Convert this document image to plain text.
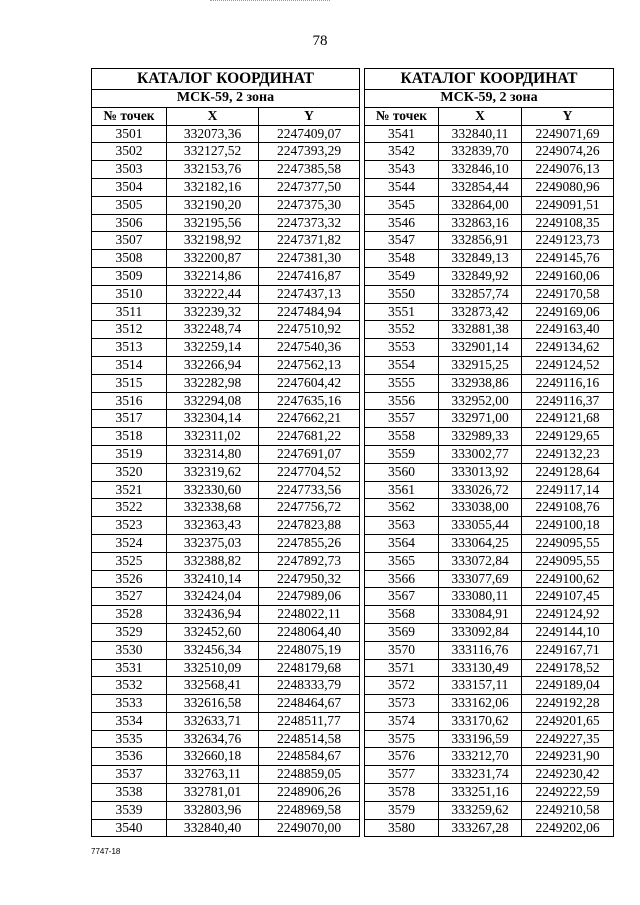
78
КАТАЛОГ КООРДИНАТ		
МСК-59, 2 зона		
№ точек	X	Y
3501	332073,36	2247409,07
3502	332127,52	2247393,29
3503	332153,76	2247385,58
3504	332182,16	2247377,50
3505	332190,20	2247375,30
3506	332195,56	2247373,32
3507	332198,92	2247371,82
3508	332200,87	2247381,30
3509	332214,86	2247416,87
3510	332222,44	2247437,13
3511	332239,32	2247484,94
3512	332248,74	2247510,92
3513	332259,14	2247540,36
3514	332266,94	2247562,13
3515	332282,98	2247604,42
3516	332294,08	2247635,16
3517	332304,14	2247662,21
3518	332311,02	2247681,22
3519	332314,80	2247691,07
3520	332319,62	2247704,52
3521	332330,60	2247733,56
3522	332338,68	2247756,72
3523	332363,43	2247823,88
3524	332375,03	2247855,26
3525	332388,82	2247892,73
3526	332410,14	2247950,32
3527	332424,04	2247989,06
3528	332436,94	2248022,11
3529	332452,60	2248064,40
3530	332456,34	2248075,19
3531	332510,09	2248179,68
3532	332568,41	2248333,79
3533	332616,58	2248464,67
3534	332633,71	2248511,77
3535	332634,76	2248514,58
3536	332660,18	2248584,67
3537	332763,11	2248859,05
3538	332781,01	2248906,26
3539	332803,96	2248969,58
3540	332840,40	2249070,00
КАТАЛОГ КООРДИНАТ		
МСК-59, 2 зона		
№ точек	X	Y
3541	332840,11	2249071,69
3542	332839,70	2249074,26
3543	332846,10	2249076,13
3544	332854,44	2249080,96
3545	332864,00	2249091,51
3546	332863,16	2249108,35
3547	332856,91	2249123,73
3548	332849,13	2249145,76
3549	332849,92	2249160,06
3550	332857,74	2249170,58
3551	332873,42	2249169,06
3552	332881,38	2249163,40
3553	332901,14	2249134,62
3554	332915,25	2249124,52
3555	332938,86	2249116,16
3556	332952,00	2249116,37
3557	332971,00	2249121,68
3558	332989,33	2249129,65
3559	333002,77	2249132,23
3560	333013,92	2249128,64
3561	333026,72	2249117,14
3562	333038,00	2249108,76
3563	333055,44	2249100,18
3564	333064,25	2249095,55
3565	333072,84	2249095,55
3566	333077,69	2249100,62
3567	333080,11	2249107,45
3568	333084,91	2249124,92
3569	333092,84	2249144,10
3570	333116,76	2249167,71
3571	333130,49	2249178,52
3572	333157,11	2249189,04
3573	333162,06	2249192,28
3574	333170,62	2249201,65
3575	333196,59	2249227,35
3576	333212,70	2249231,90
3577	333231,74	2249230,42
3578	333251,16	2249222,59
3579	333259,62	2249210,58
3580	333267,28	2249202,06
7747-18
